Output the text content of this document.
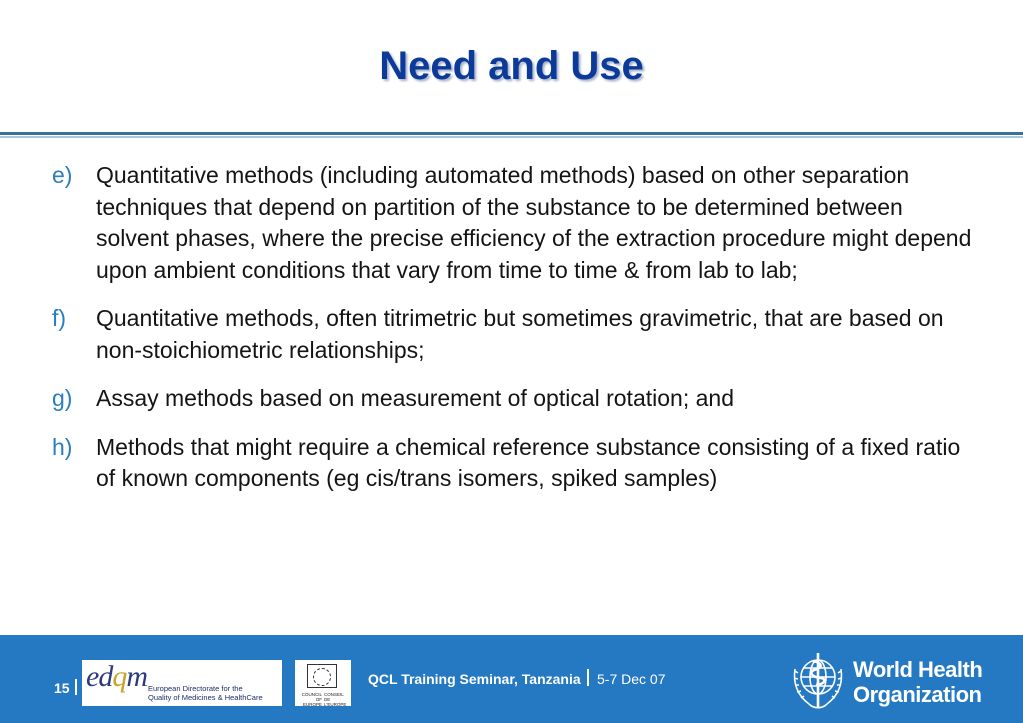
Need and Use
e)	Quantitative methods (including automated methods) based on other separation techniques that depend on partition of the substance to be determined between solvent phases, where the precise efficiency of the extraction procedure might depend upon ambient conditions that vary from time to time & from lab to lab;
f)	Quantitative methods, often titrimetric but sometimes gravimetric, that are based on non-stoichiometric relationships;
g)	Assay methods based on measurement of optical rotation; and
h)	Methods that might require a chemical reference substance consisting of a fixed ratio of known components (eg cis/trans isomers, spiked samples)
15 edqm European Directorate for the
Quality of Medicines & HealthCare	COUNCIL OF EUROPE
CONSEIL DE L'EUROPE
QCL Training Seminar, Tanzania 5-7 Dec 07	World Health
Organization
